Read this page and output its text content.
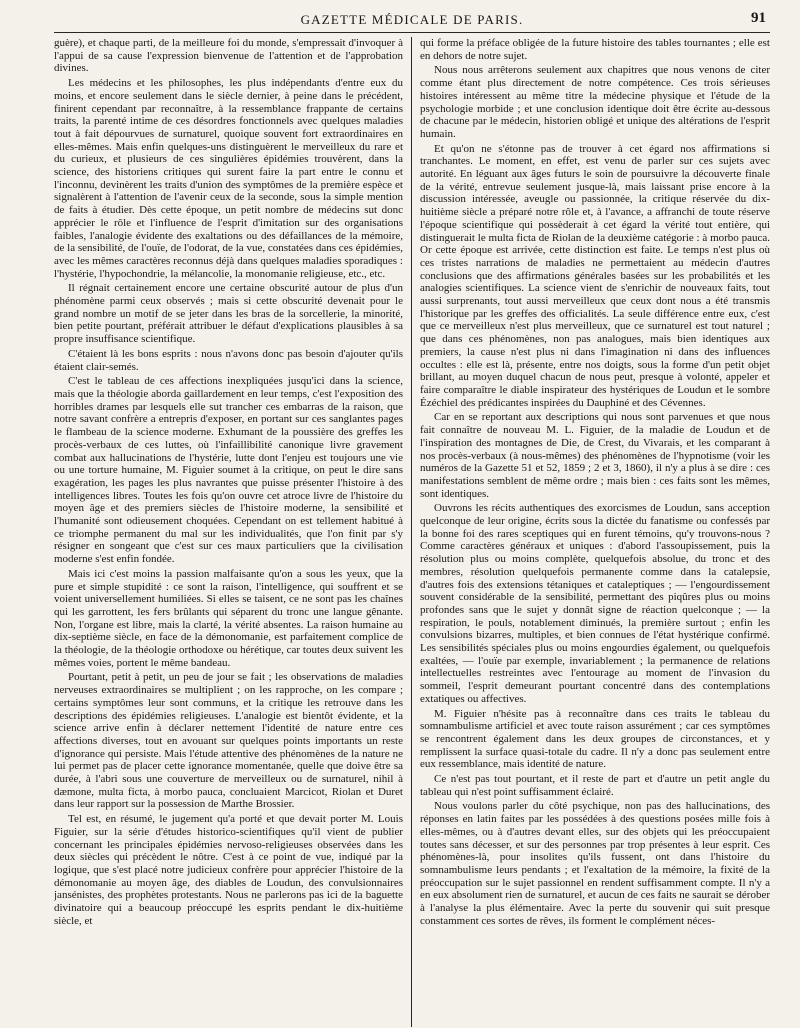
GAZETTE MÉDICALE DE PARIS.	91

guère), et chaque parti, de la meilleure foi du monde, s'empressait d'invoquer à l'appui de sa cause l'expression bienvenue de l'attention et de l'approbation divines.

Les médecins et les philosophes, les plus indépendants d'entre eux du moins, et encore seulement dans le siècle dernier, à peine dans le précédent, finirent cependant par reconnaître, à la ressemblance frappante de certains traits, la parenté intime de ces désordres fonctionnels avec quelques maladies tout à fait dépourvues de surnaturel, quoique souvent fort extraordinaires en elles-mêmes. Mais enfin quelques-uns distinguèrent le merveilleux du rare et du curieux, et plusieurs de ces singulières épidémies trouvèrent, dans la science, des historiens critiques qui surent faire la part entre le connu et l'inconnu, devinèrent les traits d'union des symptômes de la première espèce et signalèrent à l'attention de l'avenir ceux de la seconde, sous la simple mention de faits à étudier. Dès cette époque, un petit nombre de médecins sut donc apprécier le rôle et l'influence de l'esprit d'imitation sur des organisations faibles, l'analogie évidente des exaltations ou des défaillances de la mémoire, de la sensibilité, de l'ouïe, de l'odorat, de la vue, constatées dans ces épidémies, avec les mêmes caractères reconnus déjà dans quelques maladies sporadiques : l'hystérie, l'hypochondrie, la mélancolie, la monomanie religieuse, etc., etc.

Il régnait certainement encore une certaine obscurité autour de plus d'un phénomène parmi ceux observés ; mais si cette obscurité devenait pour le grand nombre un motif de se jeter dans les bras de la sorcellerie, la minorité, bien petite pourtant, préférait attribuer le défaut d'explications plausibles à sa propre insuffisance scientifique.

C'étaient là les bons esprits : nous n'avons donc pas besoin d'ajouter qu'ils étaient clair-semés.

C'est le tableau de ces affections inexpliquées jusqu'ici dans la science, mais que la théologie aborda gaillardement en leur temps, c'est l'exposition des horribles drames par lesquels elle sut trancher ces embarras de la raison, que notre savant confrère a entrepris d'exposer, en portant sur ces sanglantes pages le flambeau de la science moderne. Exhumant de la poussière des greffes les procès-verbaux de ces luttes, où l'infaillibilité canonique livre gravement combat aux hallucinations de l'hystérie, lutte dont l'enjeu est toujours une vie ou une torture humaine, M. Figuier soumet à la critique, on peut le dire sans exagération, les pages les plus navrantes que puisse présenter l'histoire à des intelligences libres. Toutes les fois qu'on ouvre cet atroce livre de l'histoire du moyen âge et des premiers siècles de l'histoire moderne, la sensibilité et l'humanité sont odieusement choquées. Cependant on est tellement habitué à ce triomphe permanent du mal sur les individualités, que l'on finit par s'y résigner en songeant que c'est sur ces maux particuliers que la civilisation moderne s'est enfin fondée.

Mais ici c'est moins la passion malfaisante qu'on a sous les yeux, que la pure et simple stupidité : ce sont la raison, l'intelligence, qui souffrent et se voient universellement humiliées. Si elles se taisent, ce ne sont pas les chaînes qui les garrottent, les fers brûlants qui séparent du tronc une langue gênante. Non, l'organe est libre, mais la clarté, la vérité absentes. La raison humaine au dix-septième siècle, en face de la démonomanie, est parfaitement complice de la théologie, de la théologie orthodoxe ou hérétique, car toutes deux suivent les mêmes voies, portent le même bandeau.

Pourtant, petit à petit, un peu de jour se fait ; les observations de maladies nerveuses extraordinaires se multiplient ; on les rapproche, on les compare ; certains symptômes leur sont communs, et la critique les retrouve dans les descriptions des épidémies religieuses. L'analogie est bientôt évidente, et la science arrive enfin à déclarer nettement l'identité de nature entre ces affections diverses, tout en avouant sur quelques points importants un reste d'ignorance qui persiste. Mais l'étude attentive des phénomènes de la nature ne lui permet pas de placer cette ignorance momentanée, quelle que doive être sa durée, à l'abri sous une couverture de merveilleux ou de surnaturel, nihil à dæmone, multa ficta, à morbo pauca, concluaient Marcicot, Riolan et Duret dans leur rapport sur la possession de Marthe Brossier.

Tel est, en résumé, le jugement qu'a porté et que devait porter M. Louis Figuier, sur la série d'études historico-scientifiques qu'il vient de publier concernant les principales épidémies nervoso-religieuses observées dans les deux siècles qui précèdent le nôtre. C'est à ce point de vue, indiqué par la logique, que s'est placé notre judicieux confrère pour apprécier l'histoire de la démonomanie au moyen âge, des diables de Loudun, des convulsionnaires jansénistes, des prophètes protestants. Nous ne parlerons pas ici de la baguette divinatoire qui a beaucoup préoccupé les esprits pendant le dix-huitième siècle, et

qui forme la préface obligée de la future histoire des tables tournantes ; elle est en dehors de notre sujet.

Nous nous arrêterons seulement aux chapitres que nous venons de citer comme étant plus directement de notre compétence. Ces trois sérieuses histoires intéressent au même titre la médecine physique et l'étude de la psychologie morbide ; et une conclusion identique doit être écrite au-dessous de chacune par le médecin, historien obligé et unique des altérations de l'esprit humain.

Et qu'on ne s'étonne pas de trouver à cet égard nos affirmations si tranchantes. Le moment, en effet, est venu de parler sur ces sujets avec autorité. En léguant aux âges futurs le soin de poursuivre la découverte finale de la vérité, entrevue seulement jusque-là, mais laissant prise encore à la discussion intéressée, aveugle ou passionnée, la critique réservée du dix-huitième siècle a préparé notre rôle et, à l'avance, a affranchi de toute réserve l'époque scientifique qui possèderait à cet égard la vérité tout entière, qui distinguerait le multa ficta de Riolan de la deuxième catégorie : à morbo pauca. Or cette époque est arrivée, cette distinction est faite. Le temps n'est plus où ces tristes narrations de maladies ne permettaient au médecin d'autres conclusions que des affirmations générales basées sur les probabilités et les analogies scientifiques. La science vient de s'enrichir de nouveaux faits, tout aussi surprenants, tout aussi merveilleux que ceux dont nous a été transmis l'historique par les greffes des officialités. La seule différence entre eux, c'est que ce merveilleux n'est plus merveilleux, que ce surnaturel est tout naturel ; que dans ces phénomènes, non pas analogues, mais bien identiques aux premiers, la cause n'est plus ni dans l'imagination ni dans des influences occultes : elle est là, présente, entre nos doigts, sous la forme d'un petit objet brillant, au moyen duquel chacun de nous peut, presque à volonté, appeler et faire comparaître le diable inspirateur des hystériques de Loudun et le sombre Ézéchiel des prédicantes inspirées du Dauphiné et des Cévennes.

Car en se reportant aux descriptions qui nous sont parvenues et que nous fait connaître de nouveau M. L. Figuier, de la maladie de Loudun et de l'inspiration des montagnes de Die, de Crest, du Vivarais, et les comparant à nos procès-verbaux (à nous-mêmes) des phénomènes de l'hypnotisme (voir les numéros de la Gazette 51 et 52, 1859 ; 2 et 3, 1860), il n'y a plus à se dire : ces manifestations semblent de même ordre ; mais bien : ces faits sont les mêmes, sont identiques.

Ouvrons les récits authentiques des exorcismes de Loudun, sans acception quelconque de leur origine, écrits sous la dictée du fanatisme ou confessés par la bonne foi des rares sceptiques qui en furent témoins, qu'y trouvons-nous ? Comme caractères généraux et uniques : d'abord l'assoupissement, puis la résolution plus ou moins complète, quelquefois absolue, du tronc et des membres, résolution quelquefois permanente comme dans la catalepsie, d'autres fois des extensions tétaniques et cataleptiques ; — l'engourdissement souvent considérable de la sensibilité, permettant des piqûres plus ou moins profondes sans que le sujet y donnât signe de réaction quelconque ; — la respiration, le pouls, notablement diminués, la première surtout ; enfin les convulsions bizarres, multiples, et bien connues de l'état hystérique confirmé. Les sensibilités spéciales plus ou moins engourdies également, ou quelquefois exaltées, — l'ouïe par exemple, invariablement ; la permanence de relations intellectuelles restreintes avec l'entourage au moment de l'invasion du sommeil, l'esprit demeurant pourtant concentré dans des contemplations extatiques ou affectives.

M. Figuier n'hésite pas à reconnaître dans ces traits le tableau du somnambulisme artificiel et avec toute raison assurément ; car ces symptômes se rencontrent également dans les deux groupes de circonstances, et y remplissent la surface quasi-totale du cadre. Il n'y a donc pas seulement entre eux ressemblance, mais identité de nature.

Ce n'est pas tout pourtant, et il reste de part et d'autre un petit angle du tableau qui n'est point suffisamment éclairé.

Nous voulons parler du côté psychique, non pas des hallucinations, des réponses en latin faites par les possédées à des questions posées mille fois à elles-mêmes, ou à d'autres devant elles, sur des objets qui les préoccupaient toutes sans décesser, et sur des personnes par trop présentes à leur esprit. Ces phénomènes-là, pour insolites qu'ils fussent, ont dans l'histoire du somnambulisme leurs pendants ; et l'exaltation de la mémoire, la fixité de la préoccupation sur le sujet passionnel en rendent suffisamment compte. Il n'y a en eux absolument rien de surnaturel, et aucun de ces faits ne saurait se dérober à l'analyse la plus élémentaire. Avec la perte du souvenir qui suit presque constamment ces sortes de rêves, ils forment le complément néces-
